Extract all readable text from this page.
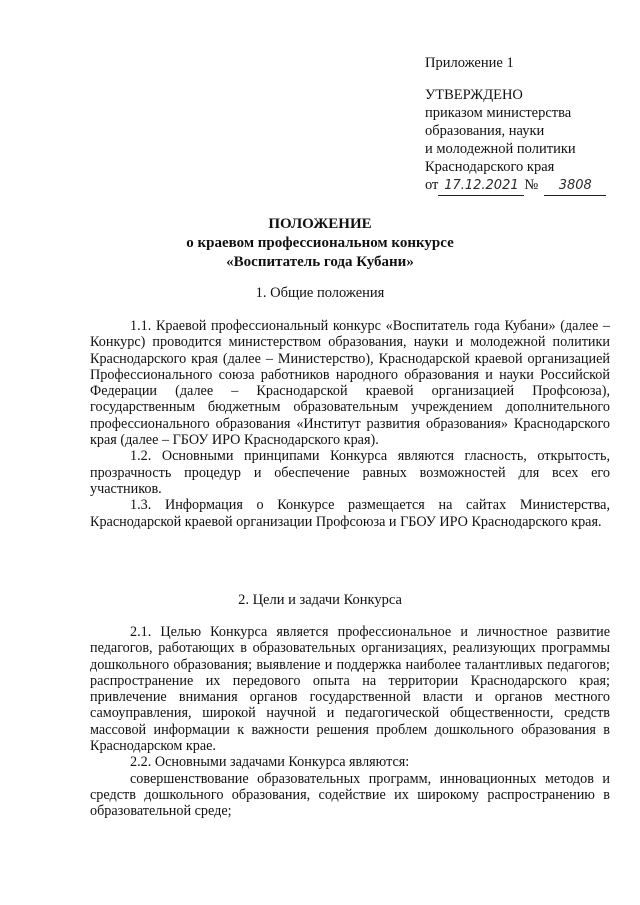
Приложение 1
УТВЕРЖДЕНО
приказом министерства
образования, науки
и молодежной политики
Краснодарского края
от 17.12.2021 № 3808
ПОЛОЖЕНИЕ
о краевом профессиональном конкурсе
«Воспитатель года Кубани»
1. Общие положения

1.1. Краевой профессиональный конкурс «Воспитатель года Кубани» (далее – Конкурс) проводится министерством образования, науки и молодежной политики Краснодарского края (далее – Министерство), Краснодарской краевой организацией Профессионального союза работников народного образования и науки Российской Федерации (далее – Краснодарской краевой организацией Профсоюза), государственным бюджетным образовательным учреждением дополнительного профессионального образования «Институт развития образования» Краснодарского края (далее – ГБОУ ИРО Краснодарского края).

1.2. Основными принципами Конкурса являются гласность, открытость, прозрачность процедур и обеспечение равных возможностей для всех его участников.

1.3. Информация о Конкурсе размещается на сайтах Министерства, Краснодарской краевой организации Профсоюза и ГБОУ ИРО Краснодарского края.

2. Цели и задачи Конкурса

2.1. Целью Конкурса является профессиональное и личностное развитие педагогов, работающих в образовательных организациях, реализующих программы дошкольного образования; выявление и поддержка наиболее талантливых педагогов; распространение их передового опыта на территории Краснодарского края; привлечение внимания органов государственной власти и органов местного самоуправления, широкой научной и педагогической общественности, средств массовой информации к важности решения проблем дошкольного образования в Краснодарском крае.

2.2. Основными задачами Конкурса являются:

совершенствование образовательных программ, инновационных методов и средств дошкольного образования, содействие их широкому распространению в образовательной среде;
